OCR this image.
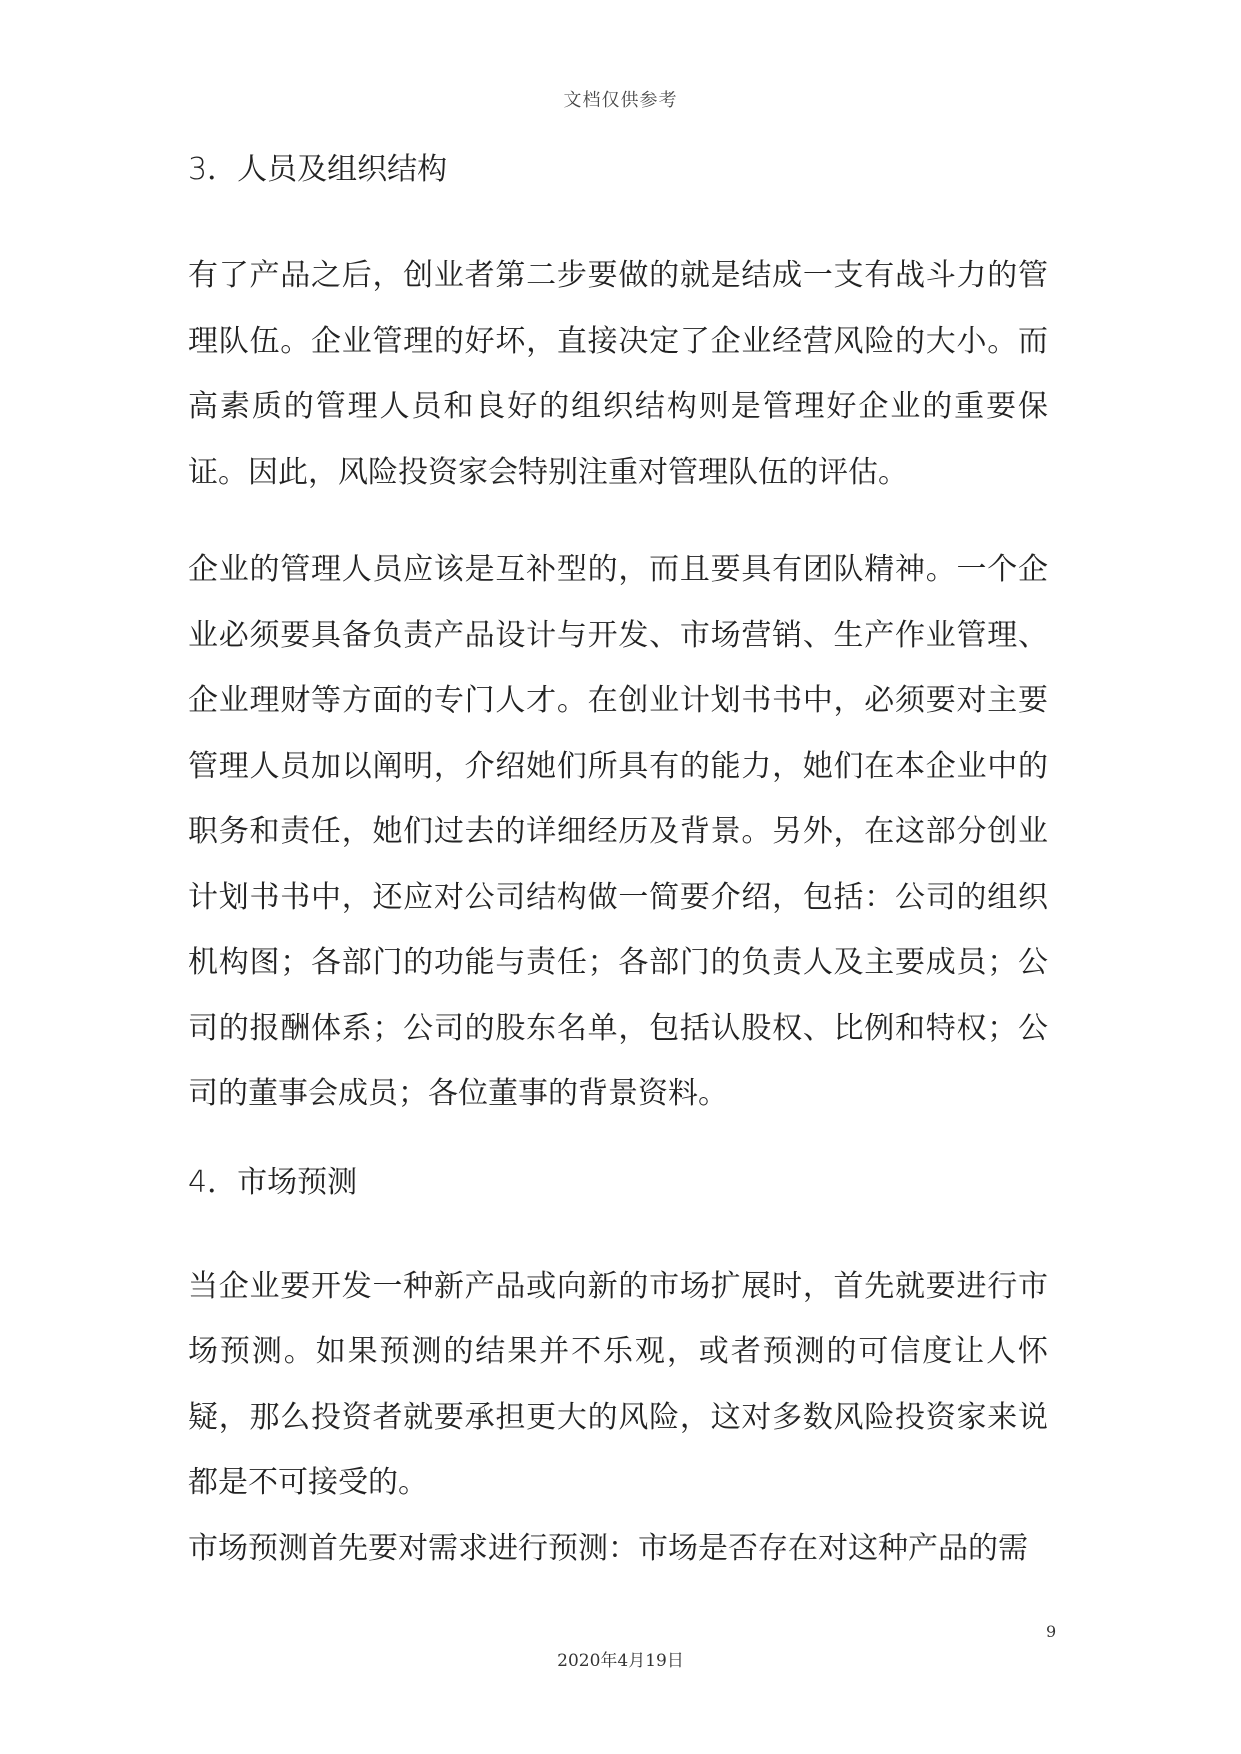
文档仅供参考
3．人员及组织结构

有了产品之后，创业者第二步要做的就是结成一支有战斗力的管理队伍。企业管理的好坏，直接决定了企业经营风险的大小。而高素质的管理人员和良好的组织结构则是管理好企业的重要保证。因此，风险投资家会特别注重对管理队伍的评估。

企业的管理人员应该是互补型的，而且要具有团队精神。一个企业必须要具备负责产品设计与开发、市场营销、生产作业管理、企业理财等方面的专门人才。在创业计划书书中，必须要对主要管理人员加以阐明，介绍她们所具有的能力，她们在本企业中的职务和责任，她们过去的详细经历及背景。另外，在这部分创业计划书书中，还应对公司结构做一简要介绍，包括：公司的组织机构图；各部门的功能与责任；各部门的负责人及主要成员；公司的报酬体系；公司的股东名单，包括认股权、比例和特权；公司的董事会成员；各位董事的背景资料。

4．市场预测

当企业要开发一种新产品或向新的市场扩展时，首先就要进行市场预测。如果预测的结果并不乐观，或者预测的可信度让人怀疑，那么投资者就要承担更大的风险，这对多数风险投资家来说都是不可接受的。

市场预测首先要对需求进行预测：市场是否存在对这种产品的需

9
2020年4月19日
